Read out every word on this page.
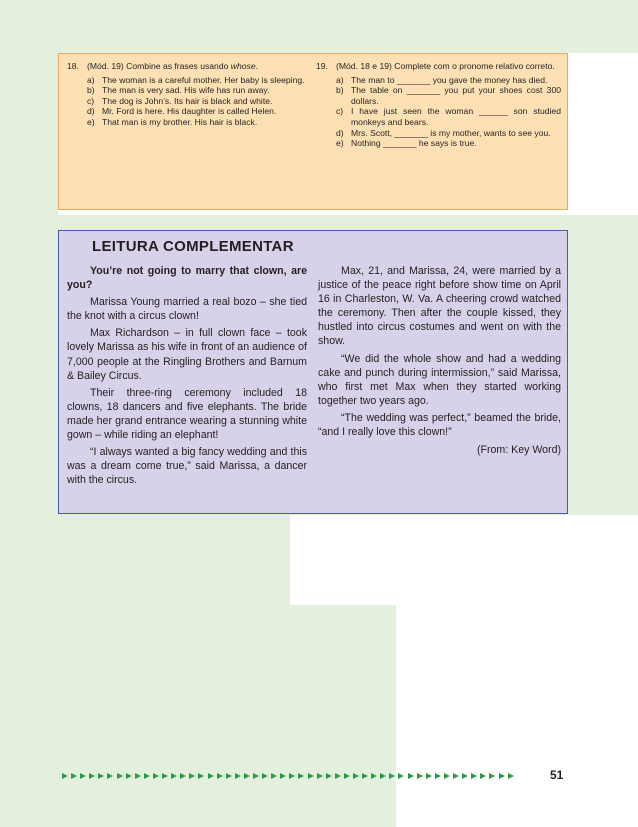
18. (Mód. 19) Combine as frases usando whose.
a) The woman is a careful mother. Her baby is sleeping.
b) The man is very sad. His wife has run away.
c) The dog is John’s. Its hair is black and white.
d) Mr. Ford is here. His daughter is called Helen.
e) That man is my brother. His hair is black.
19. (Mód. 18 e 19) Complete com o pronome relativo correto.
a) The man to _______ you gave the money has died.
b) The table on _______ you put your shoes cost 300 dollars.
c) I have just seen the woman ______ son studied monkeys and bears.
d) Mrs. Scott, _______ is my mother, wants to see you.
e) Nothing _______ he says is true.
LEITURA COMPLEMENTAR

You’re not going to marry that clown, are you?

Marissa Young married a real bozo – she tied the knot with a circus clown!

Max Richardson – in full clown face – took lovely Marissa as his wife in front of an audience of 7,000 people at the Ringling Brothers and Barnum & Bailey Circus.

Their three-ring ceremony included 18 clowns, 18 dancers and five elephants. The bride made her grand entrance wearing a stunning white gown – while riding an elephant!

“I always wanted a big fancy wedding and this was a dream come true,” said Marissa, a dancer with the circus.

Max, 21, and Marissa, 24, were married by a justice of the peace right before show time on April 16 in Charleston, W. Va. A cheering crowd watched the ceremony. Then after the couple kissed, they hustled into circus costumes and went on with the show.

“We did the whole show and had a wedding cake and punch during intermission,” said Marissa, who first met Max when they started working together two years ago.

“The wedding was perfect,” beamed the bride, “and I really love this clown!”

(From: Key Word)

51
